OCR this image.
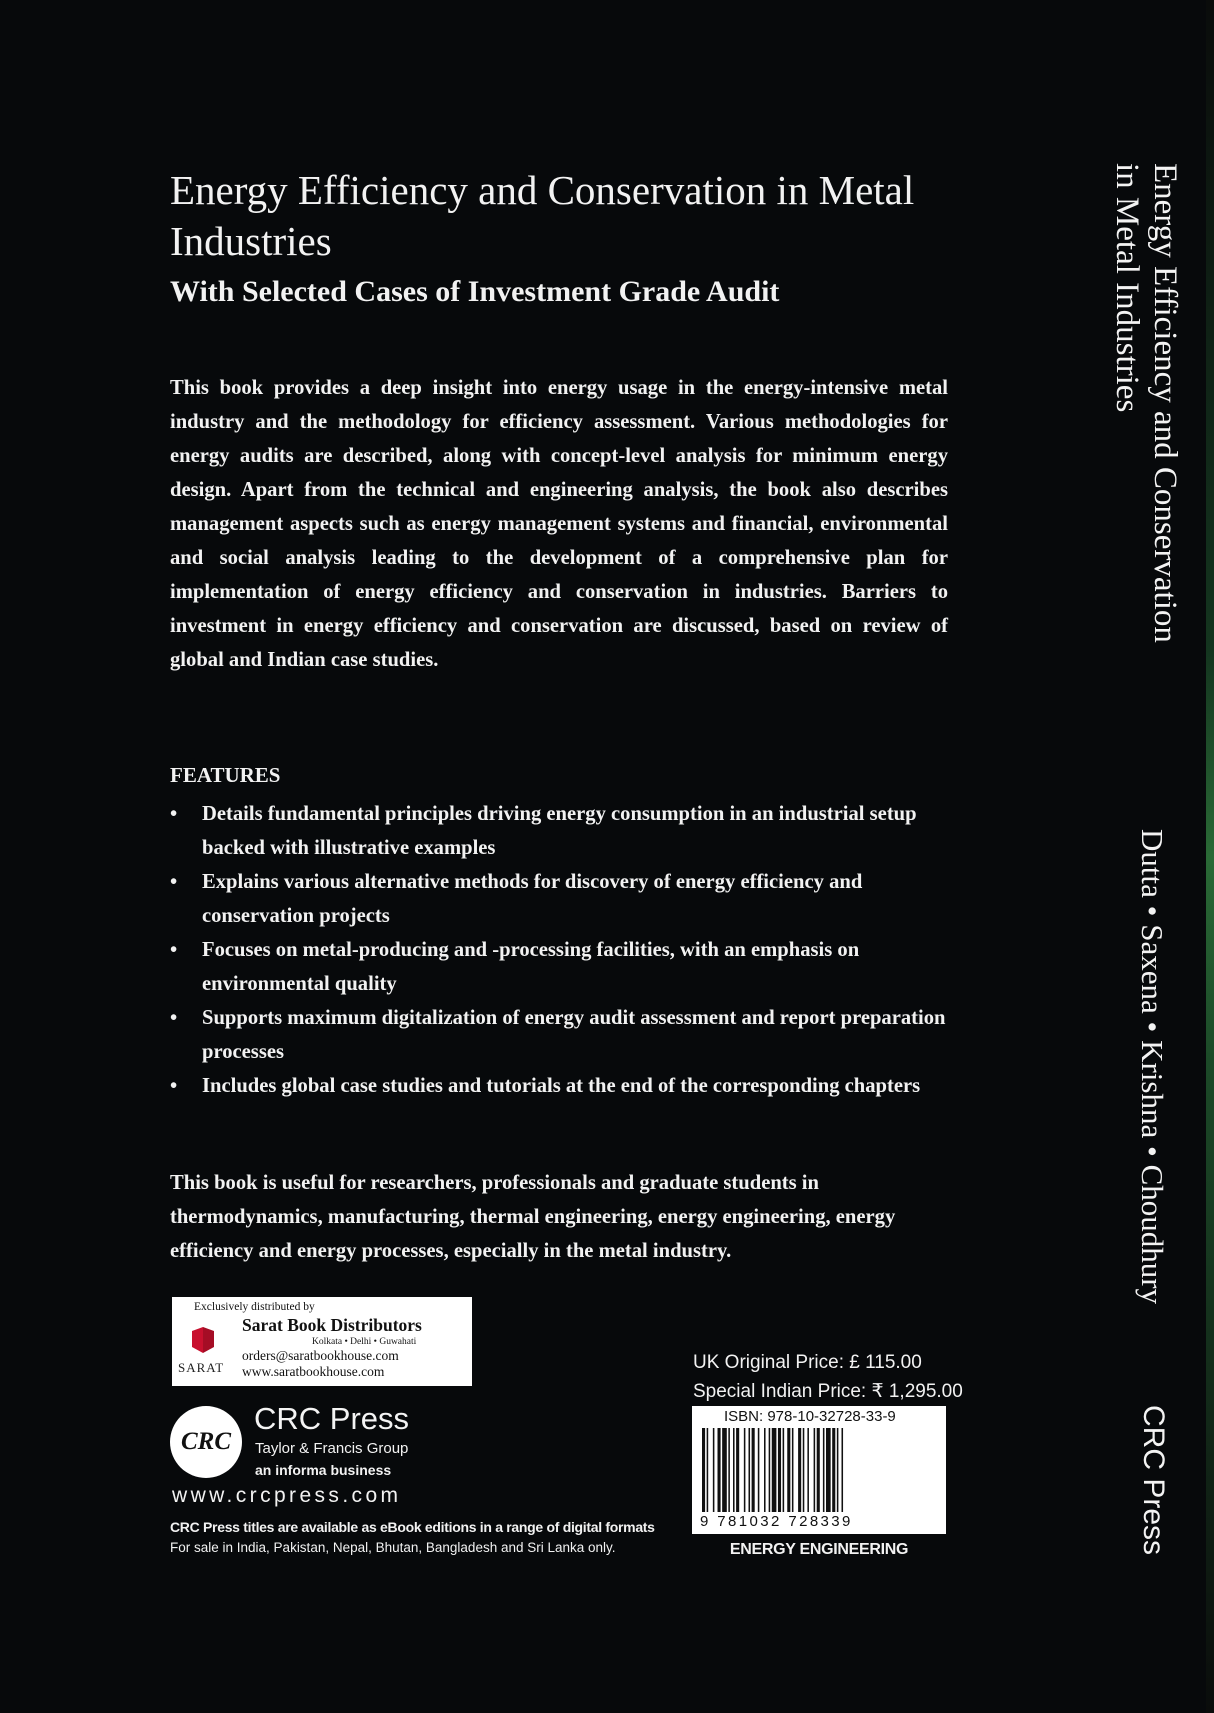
Energy Efficiency and Conservation in Metal Industries
With Selected Cases of Investment Grade Audit

This book provides a deep insight into energy usage in the energy-intensive metal industry and the methodology for efficiency assessment. Various methodologies for energy audits are described, along with concept-level analysis for minimum energy design. Apart from the technical and engineering analysis, the book also describes management aspects such as energy management systems and financial, environmental and social analysis leading to the development of a comprehensive plan for implementation of energy efficiency and conservation in industries. Barriers to investment in energy efficiency and conservation are discussed, based on review of global and Indian case studies.

FEATURES
• Details fundamental principles driving energy consumption in an industrial setup backed with illustrative examples
• Explains various alternative methods for discovery of energy efficiency and conservation projects
• Focuses on metal-producing and -processing facilities, with an emphasis on environmental quality
• Supports maximum digitalization of energy audit assessment and report preparation processes
• Includes global case studies and tutorials at the end of the corresponding chapters

This book is useful for researchers, professionals and graduate students in thermodynamics, manufacturing, thermal engineering, energy engineering, energy efficiency and energy processes, especially in the metal industry.

Exclusively distributed by
SARAT
Sarat Book Distributors
Kolkata • Delhi • Guwahati
orders@saratbookhouse.com
www.saratbookhouse.com
CRC
CRC Press
Taylor & Francis Group
an informa business
www.crcpress.com
CRC Press titles are available as eBook editions in a range of digital formats
For sale in India, Pakistan, Nepal, Bhutan, Bangladesh and Sri Lanka only.
UK Original Price: £ 115.00
Special Indian Price: ₹ 1,295.00
ISBN: 978-10-32728-33-9
9 781032 728339
ENERGY ENGINEERING
Energy Efficiency and Conservation
in Metal Industries
Dutta • Saxena • Krishna • Choudhury
CRC Press
